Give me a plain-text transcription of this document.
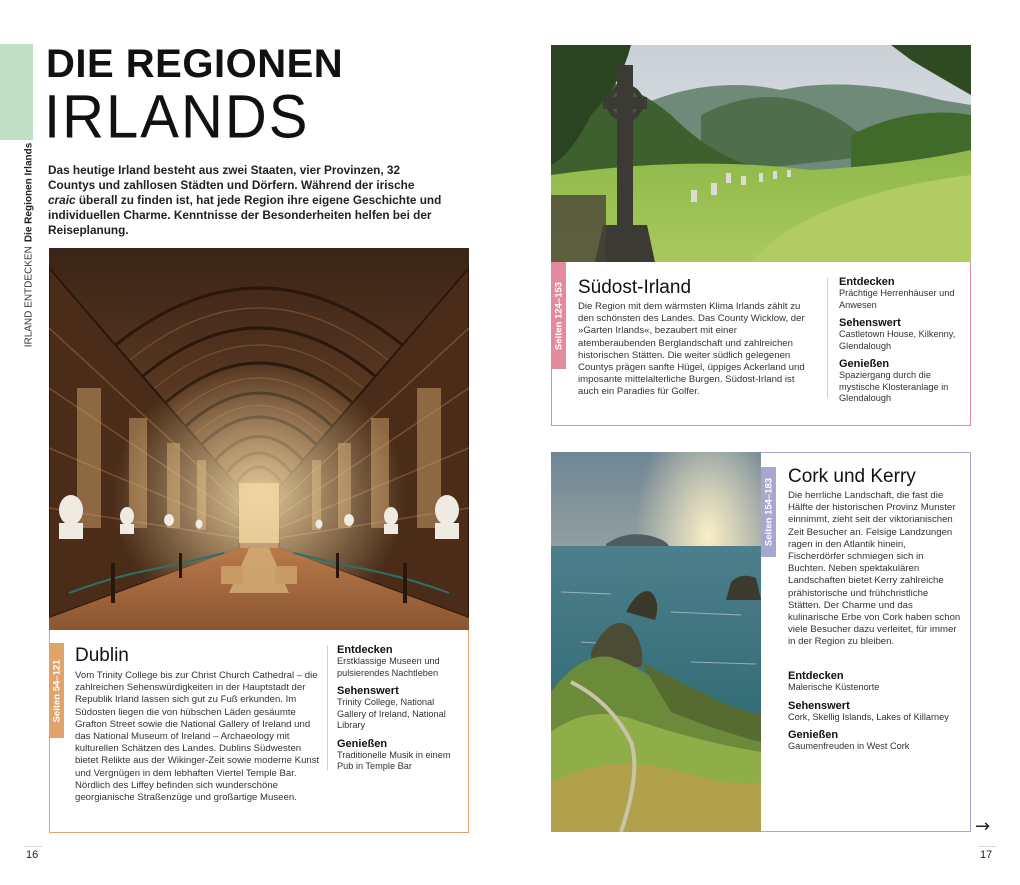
IRLAND ENTDECKENDie Regionen Irlands
DIE REGIONEN
IRLANDS
Das heutige Irland besteht aus zwei Staaten, vier Provinzen, 32 Countys und zahllosen Städten und Dörfern. Während der irische craic überall zu finden ist, hat jede Region ihre eigene Geschichte und individuellen Charme. Kenntnisse der Besonderheiten helfen bei der Reiseplanung.
Seiten 54–121
Dublin
Vom Trinity College bis zur Christ Church Cathedral – die zahlreichen Sehenswürdigkeiten in der Hauptstadt der Republik Irland lassen sich gut zu Fuß erkunden. Im Südosten liegen die von hübschen Läden gesäumte Grafton Street sowie die National Gallery of Ireland und das National Museum of Ireland – Archaeology mit kulturellen Schätzen des Landes. Dublins Südwesten bietet Relikte aus der Wikinger-Zeit sowie moderne Kunst und Vergnügen in dem lebhaften Viertel Temple Bar. Nördlich des Liffey befinden sich wunderschöne georgianische Straßenzüge und großartige Museen.
Entdecken
Erstklassige Museen und pulsierendes Nachtleben
Sehenswert
Trinity College, National Gallery of Ireland, National Library
Genießen
Traditionelle Musik in einem Pub in Temple Bar
16
Seiten 124–153 Südost-Irland
Die Region mit dem wärmsten Klima Irlands zählt zu den schönsten des Landes. Das County Wicklow, der »Garten Irlands«, bezaubert mit einer atemberaubenden Berglandschaft und zahlreichen historischen Stätten. Die weiter südlich gelegenen Countys prägen sanfte Hügel, üppiges Ackerland und imposante mittelalterliche Burgen. Südost-Irland ist auch ein Paradies für Golfer.
Entdecken
Prächtige Herrenhäuser und Anwesen
Sehenswert
Castletown House, Kilkenny, Glendalough
Genießen
Spaziergang durch die mystische Klosteranlage in Glendalough
Seiten 154–183
Cork und Kerry
Die herrliche Landschaft, die fast die Hälfte der historischen Provinz Munster einnimmt, zieht seit der viktorianischen Zeit Besucher an. Felsige Landzungen ragen in den Atlantik hinein, Fischerdörfer schmiegen sich in Buchten. Neben spektakulären Landschaften bietet Kerry zahlreiche prähistorische und frühchristliche Stätten. Der Charme und das kulinarische Erbe von Cork haben schon viele Besucher dazu verleitet, für immer in der Region zu bleiben.
Entdecken
Malerische Küstenorte
Sehenswert
Cork, Skellig Islands, Lakes of Killarney
Genießen
Gaumenfreuden in West Cork
→
17
